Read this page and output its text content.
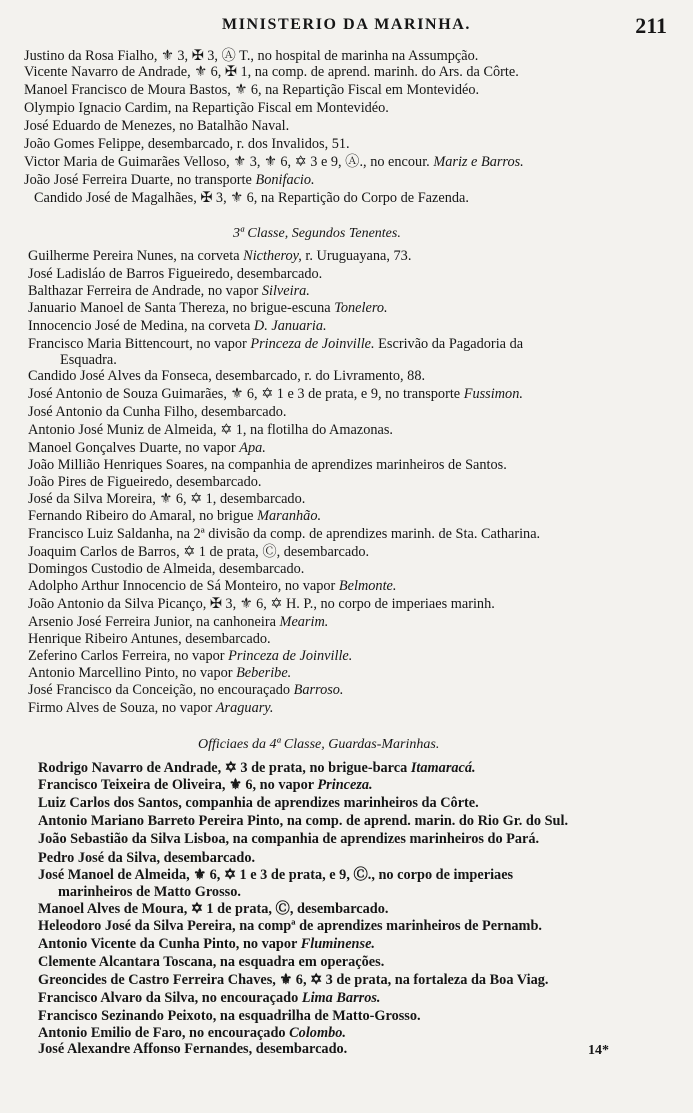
MINISTERIO DA MARINHA.	211
Justino da Rosa Fialho, ⚜ 3, ✠ 3, Ⓐ T., no hospital de marinha na Assumpção.
Vicente Navarro de Andrade, ⚜ 6, ✠ 1, na comp. de aprend. marinh. do Ars. da Côrte.
Manoel Francisco de Moura Bastos, ⚜ 6, na Repartição Fiscal em Montevidéo.
Olympio Ignacio Cardim, na Repartição Fiscal em Montevidéo.
José Eduardo de Menezes, no Batalhão Naval.
João Gomes Felippe, desembarcado, r. dos Invalidos, 51.
Victor Maria de Guimarães Velloso, ⚜ 3, ⚜ 6, ✡ 3 e 9, Ⓐ., no encour. Mariz e Barros.
João José Ferreira Duarte, no transporte Bonifacio.
Candido José de Magalhães, ✠ 3, ⚜ 6, na Repartição do Corpo de Fazenda.
3ª Classe, Segundos Tenentes.
Guilherme Pereira Nunes, na corveta Nictheroy, r. Uruguayana, 73.
José Ladisláo de Barros Figueiredo, desembarcado.
Balthazar Ferreira de Andrade, no vapor Silveira.
Januario Manoel de Santa Thereza, no brigue-escuna Tonelero.
Innocencio José de Medina, na corveta D. Januaria.
Francisco Maria Bittencourt, no vapor Princeza de Joinville. Escrivão da Pagadoria da
Esquadra.
Candido José Alves da Fonseca, desembarcado, r. do Livramento, 88.
José Antonio de Souza Guimarães, ⚜ 6, ✡ 1 e 3 de prata, e 9, no transporte Fussimon.
José Antonio da Cunha Filho, desembarcado.
Antonio José Muniz de Almeida, ✡ 1, na flotilha do Amazonas.
Manoel Gonçalves Duarte, no vapor Apa.
João Millião Henriques Soares, na companhia de aprendizes marinheiros de Santos.
João Pires de Figueiredo, desembarcado.
José da Silva Moreira, ⚜ 6, ✡ 1, desembarcado.
Fernando Ribeiro do Amaral, no brigue Maranhão.
Francisco Luiz Saldanha, na 2ª divisão da comp. de aprendizes marinh. de Sta. Catharina.
Joaquim Carlos de Barros, ✡ 1 de prata, Ⓒ, desembarcado.
Domingos Custodio de Almeida, desembarcado.
Adolpho Arthur Innocencio de Sá Monteiro, no vapor Belmonte.
João Antonio da Silva Picanço, ✠ 3, ⚜ 6, ✡ H. P., no corpo de imperiaes marinh.
Arsenio José Ferreira Junior, na canhoneira Mearim.
Henrique Ribeiro Antunes, desembarcado.
Zeferino Carlos Ferreira, no vapor Princeza de Joinville.
Antonio Marcellino Pinto, no vapor Beberibe.
José Francisco da Conceição, no encouraçado Barroso.
Firmo Alves de Souza, no vapor Araguary.
Officiaes da 4ª Classe, Guardas-Marinhas.
Rodrigo Navarro de Andrade, ✡ 3 de prata, no brigue-barca Itamaracá.
Francisco Teixeira de Oliveira, ⚜ 6, no vapor Princeza.
Luiz Carlos dos Santos, companhia de aprendizes marinheiros da Côrte.
Antonio Mariano Barreto Pereira Pinto, na comp. de aprend. marin. do Rio Gr. do Sul.
João Sebastião da Silva Lisboa, na companhia de aprendizes marinheiros do Pará.
Pedro José da Silva, desembarcado.
José Manoel de Almeida, ⚜ 6, ✡ 1 e 3 de prata, e 9, Ⓒ., no corpo de imperiaes
marinheiros de Matto Grosso.
Manoel Alves de Moura, ✡ 1 de prata, Ⓒ, desembarcado.
Heleodoro José da Silva Pereira, na compª de aprendizes marinheiros de Pernamb.
Antonio Vicente da Cunha Pinto, no vapor Fluminense.
Clemente Alcantara Toscana, na esquadra em operações.
Greoncides de Castro Ferreira Chaves, ⚜ 6, ✡ 3 de prata, na fortaleza da Boa Viag.
Francisco Alvaro da Silva, no encouraçado Lima Barros.
Francisco Sezinando Peixoto, na esquadrilha de Matto-Grosso.
Antonio Emilio de Faro, no encouraçado Colombo.
José Alexandre Affonso Fernandes, desembarcado.	14*
